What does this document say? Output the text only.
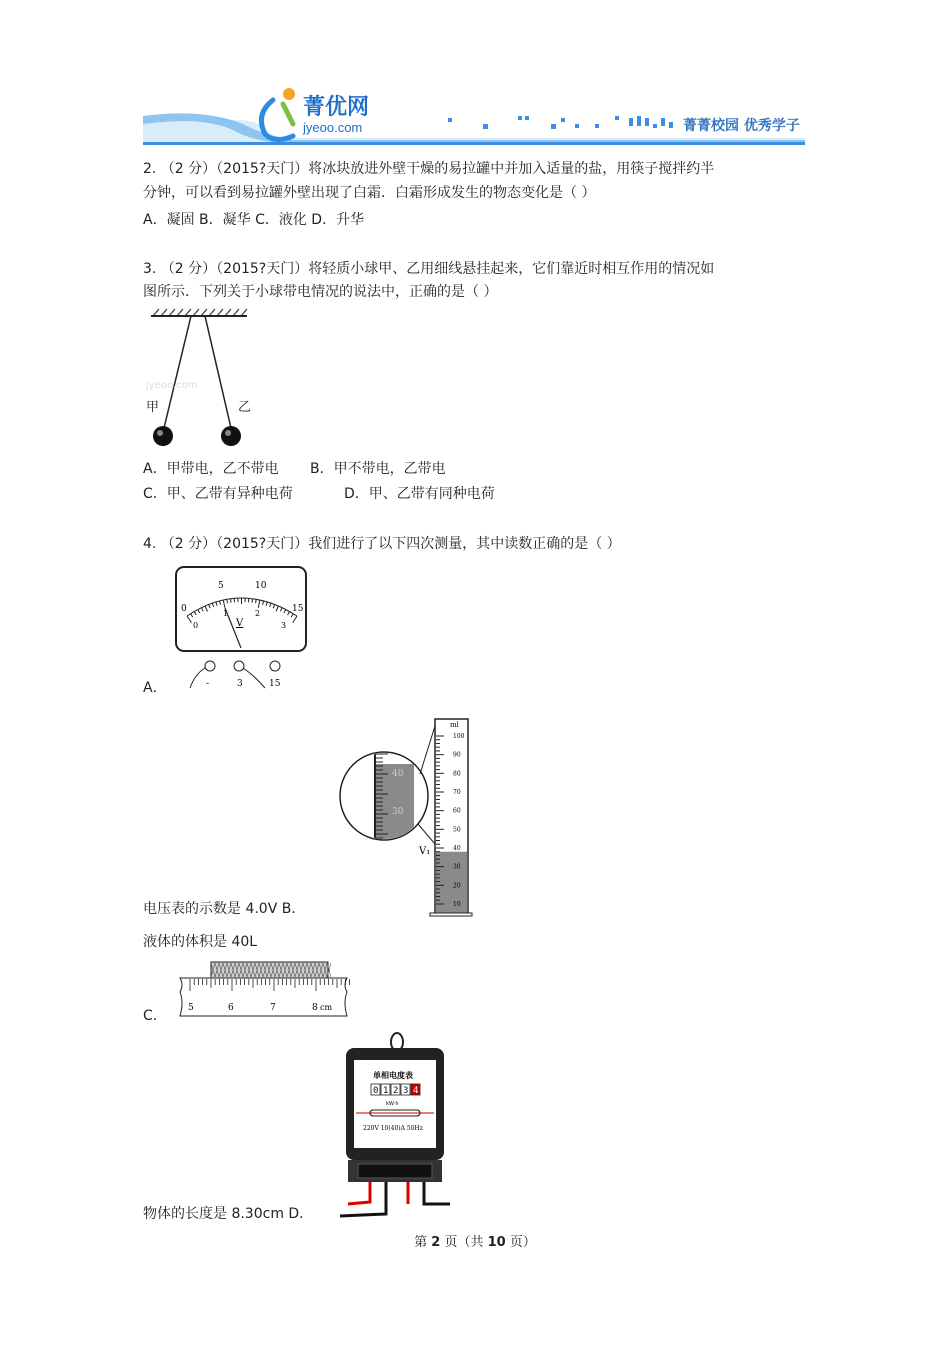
菁优网
jyeoo.com	菁菁校园 优秀学子
2. （2 分）（2015?天门）将冰块放进外壁干燥的易拉罐中并加入适量的盐，用筷子搅拌约半
分钟，可以看到易拉罐外壁出现了白霜．白霜形成发生的物态变化是（ ）
A．凝固 B．凝华 C．液化 D．升华
3. （2 分）（2015?天门）将轻质小球甲、乙用细线悬挂起来，它们靠近时相互作用的情况如
图所示．下列关于小球带电情况的说法中，正确的是（ ）
甲	乙
jyeoo.com
A．甲带电，乙不带电 B．甲不带电，乙带电
C．甲、乙带有异种电荷	D．甲、乙带有同种电荷
4. （2 分）（2015?天门）我们进行了以下四次测量，其中读数正确的是（ ）
5	10
15
0
0
1	2
3
V
-	3	15
A．
40
30
100
90
80
70
60
50
40
30
20
10
ml
V₁
电压表的示数是 4.0V B．
液体的体积是 40L
5	6	7	8 cm
C．
单相电度表
0 1 2 3 4
kW·h
220V 10(40)A 50Hz
物体的长度是 8.30cm D．
第 2 页（共 10 页）
